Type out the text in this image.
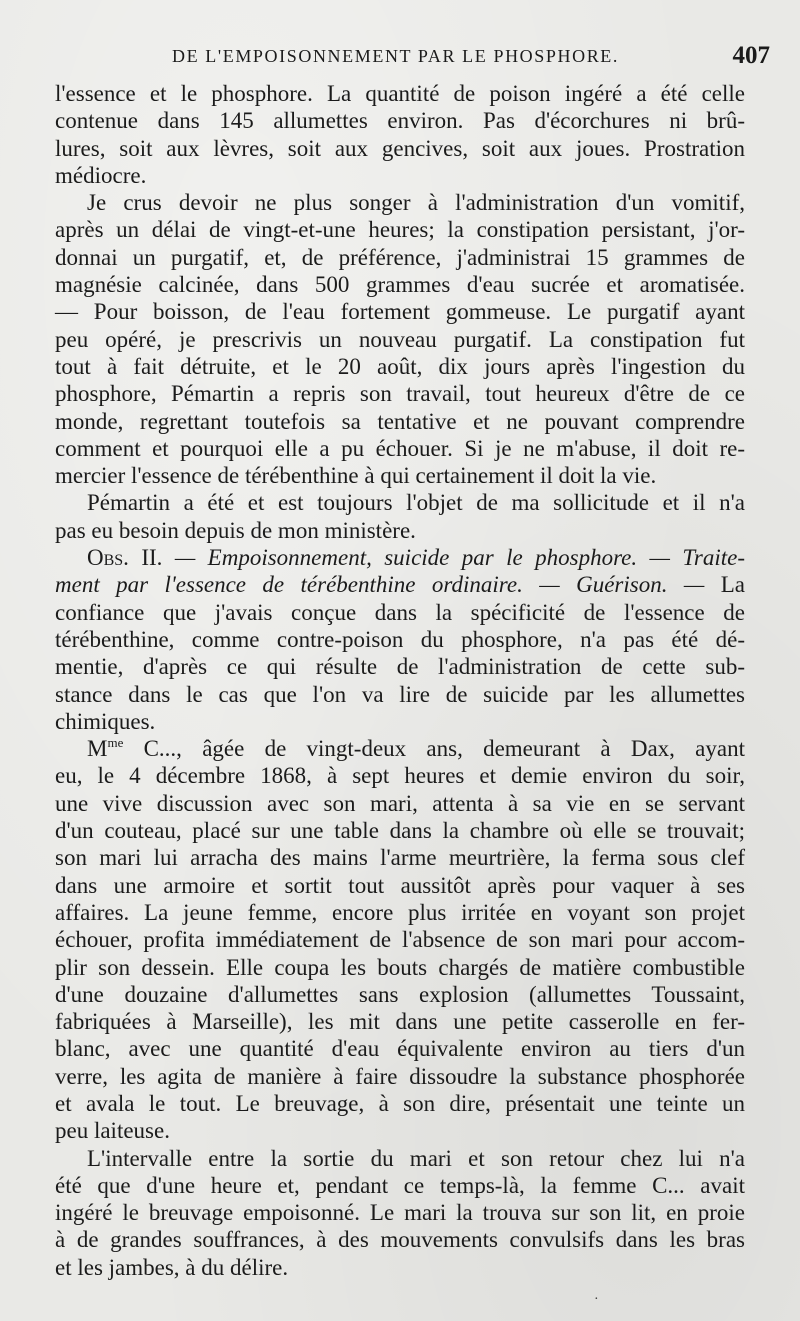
DE L'EMPOISONNEMENT PAR LE PHOSPHORE.	407
l'essence et le phosphore. La quantité de poison ingéré a été celle
contenue dans 145 allumettes environ. Pas d'écorchures ni brû-
lures, soit aux lèvres, soit aux gencives, soit aux joues. Prostration
médiocre.
Je crus devoir ne plus songer à l'administration d'un vomitif,
après un délai de vingt-et-une heures; la constipation persistant, j'or-
donnai un purgatif, et, de préférence, j'administrai 15 grammes de
magnésie calcinée, dans 500 grammes d'eau sucrée et aromatisée.
— Pour boisson, de l'eau fortement gommeuse. Le purgatif ayant
peu opéré, je prescrivis un nouveau purgatif. La constipation fut
tout à fait détruite, et le 20 août, dix jours après l'ingestion du
phosphore, Pémartin a repris son travail, tout heureux d'être de ce
monde, regrettant toutefois sa tentative et ne pouvant comprendre
comment et pourquoi elle a pu échouer. Si je ne m'abuse, il doit re-
mercier l'essence de térébenthine à qui certainement il doit la vie.
Pémartin a été et est toujours l'objet de ma sollicitude et il n'a
pas eu besoin depuis de mon ministère.
Obs. II. — Empoisonnement, suicide par le phosphore. — Traite-
ment par l'essence de térébenthine ordinaire. — Guérison. — La
confiance que j'avais conçue dans la spécificité de l'essence de
térébenthine, comme contre-poison du phosphore, n'a pas été dé-
mentie, d'après ce qui résulte de l'administration de cette sub-
stance dans le cas que l'on va lire de suicide par les allumettes
chimiques.
$M^{me}$ C..., âgée de vingt-deux ans, demeurant à Dax, ayant
eu, le 4 décembre 1868, à sept heures et demie environ du soir,
une vive discussion avec son mari, attenta à sa vie en se servant
d'un couteau, placé sur une table dans la chambre où elle se trouvait;
son mari lui arracha des mains l'arme meurtrière, la ferma sous clef
dans une armoire et sortit tout aussitôt après pour vaquer à ses
affaires. La jeune femme, encore plus irritée en voyant son projet
échouer, profita immédiatement de l'absence de son mari pour accom-
plir son dessein. Elle coupa les bouts chargés de matière combustible
d'une douzaine d'allumettes sans explosion (allumettes Toussaint,
fabriquées à Marseille), les mit dans une petite casserolle en fer-
blanc, avec une quantité d'eau équivalente environ au tiers d'un
verre, les agita de manière à faire dissoudre la substance phosphorée
et avala le tout. Le breuvage, à son dire, présentait une teinte un
peu laiteuse.
L'intervalle entre la sortie du mari et son retour chez lui n'a
été que d'une heure et, pendant ce temps-là, la femme C... avait
ingéré le breuvage empoisonné. Le mari la trouva sur son lit, en proie
à de grandes souffrances, à des mouvements convulsifs dans les bras
et les jambes, à du délire.
·
